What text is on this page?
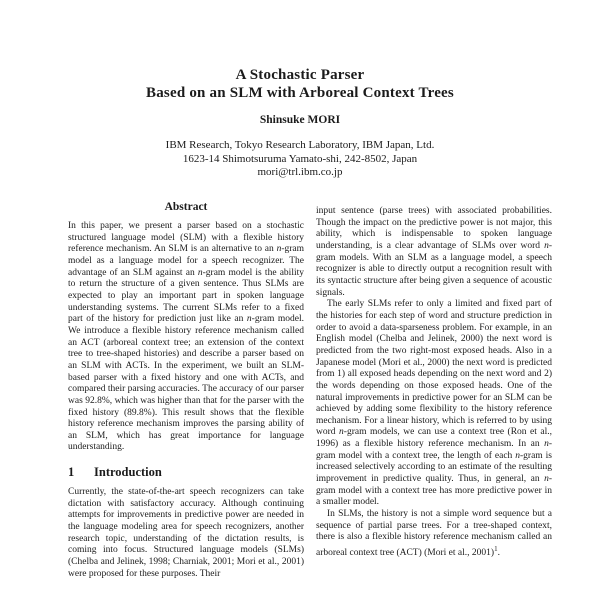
A Stochastic Parser
Based on an SLM with Arboreal Context Trees
Shinsuke MORI
IBM Research, Tokyo Research Laboratory, IBM Japan, Ltd.
1623-14 Shimotsuruma Yamato-shi, 242-8502, Japan
mori@trl.ibm.co.jp
Abstract

In this paper, we present a parser based on a stochastic structured language model (SLM) with a flexible history reference mechanism. An SLM is an alternative to an n-gram model as a language model for a speech recognizer. The advantage of an SLM against an n-gram model is the ability to return the structure of a given sentence. Thus SLMs are expected to play an important part in spoken language understanding systems. The current SLMs refer to a fixed part of the history for prediction just like an n-gram model. We introduce a flexible history reference mechanism called an ACT (arboreal context tree; an extension of the context tree to tree-shaped histories) and describe a parser based on an SLM with ACTs. In the experiment, we built an SLM-based parser with a fixed history and one with ACTs, and compared their parsing accuracies. The accuracy of our parser was 92.8%, which was higher than that for the parser with the fixed history (89.8%). This result shows that the flexible history reference mechanism improves the parsing ability of an SLM, which has great importance for language understanding.

1 Introduction

Currently, the state-of-the-art speech recognizers can take dictation with satisfactory accuracy. Although continuing attempts for improvements in predictive power are needed in the language modeling area for speech recognizers, another research topic, understanding of the dictation results, is coming into focus. Structured language models (SLMs) (Chelba and Jelinek, 1998; Charniak, 2001; Mori et al., 2001) were proposed for these purposes. Their

input sentence (parse trees) with associated probabilities. Though the impact on the predictive power is not major, this ability, which is indispensable to spoken language understanding, is a clear advantage of SLMs over word n-gram models. With an SLM as a language model, a speech recognizer is able to directly output a recognition result with its syntactic structure after being given a sequence of acoustic signals.

The early SLMs refer to only a limited and fixed part of the histories for each step of word and structure prediction in order to avoid a data-sparseness problem. For example, in an English model (Chelba and Jelinek, 2000) the next word is predicted from the two right-most exposed heads. Also in a Japanese model (Mori et al., 2000) the next word is predicted from 1) all exposed heads depending on the next word and 2) the words depending on those exposed heads. One of the natural improvements in predictive power for an SLM can be achieved by adding some flexibility to the history reference mechanism. For a linear history, which is referred to by using word n-gram models, we can use a context tree (Ron et al., 1996) as a flexible history reference mechanism. In an n-gram model with a context tree, the length of each n-gram is increased selectively according to an estimate of the resulting improvement in predictive quality. Thus, in general, an n-gram model with a context tree has more predictive power in a smaller model.

In SLMs, the history is not a simple word sequence but a sequence of partial parse trees. For a tree-shaped context, there is also a flexible history reference mechanism called an arboreal context tree (ACT) (Mori et al., 2001)$^1$.
